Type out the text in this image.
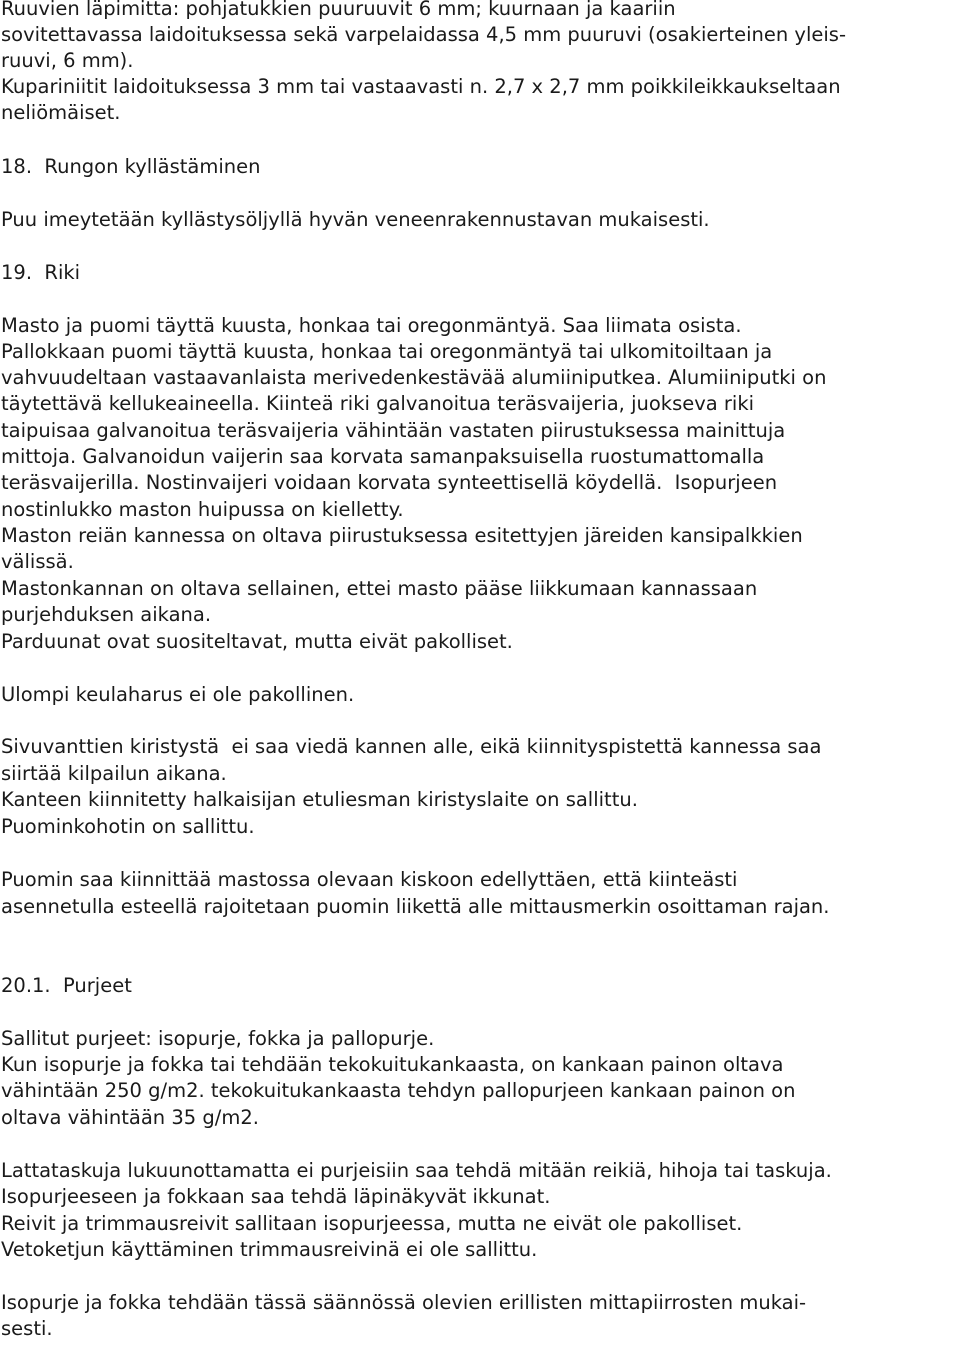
Ruuvien läpimitta: pohjatukkien puuruuvit 6 mm; kuurnaan ja kaariin
sovitettavassa laidoituksessa sekä varpelaidassa 4,5 mm puuruvi (osakierteinen yleis-
ruuvi, 6 mm).
Kupariniitit laidoituksessa 3 mm tai vastaavasti n. 2,7 x 2,7 mm poikkileikkaukseltaan
neliömäiset.
18.  Rungon kyllästäminen
Puu imeytetään kyllästysöljyllä hyvän veneenrakennustavan mukaisesti.
19.  Riki
Masto ja puomi täyttä kuusta, honkaa tai oregonmäntyä. Saa liimata osista.
Pallokkaan puomi täyttä kuusta, honkaa tai oregonmäntyä tai ulkomitoiltaan ja
vahvuudeltaan vastaavanlaista merivedenkestävää alumiiniputkea. Alumiiniputki on
täytettävä kellukeaineella. Kiinteä riki galvanoitua teräsvaijeria, juokseva riki
taipuisaa galvanoitua teräsvaijeria vähintään vastaten piirustuksessa mainittuja
mittoja. Galvanoidun vaijerin saa korvata samanpaksuisella ruostumattomalla
teräsvaijerilla. Nostinvaijeri voidaan korvata synteettisellä köydellä.  Isopurjeen
nostinlukko maston huipussa on kielletty.
Maston reiän kannessa on oltava piirustuksessa esitettyjen järeiden kansipalkkien
välissä.
Mastonkannan on oltava sellainen, ettei masto pääse liikkumaan kannassaan
purjehduksen aikana.
Parduunat ovat suositeltavat, mutta eivät pakolliset.
Ulompi keulaharus ei ole pakollinen.
Sivuvanttien kiristystä  ei saa viedä kannen alle, eikä kiinnityspistettä kannessa saa
siirtää kilpailun aikana.
Kanteen kiinnitetty halkaisijan etuliesman kiristyslaite on sallittu.
Puominkohotin on sallittu.
Puomin saa kiinnittää mastossa olevaan kiskoon edellyttäen, että kiinteästi
asennetulla esteellä rajoitetaan puomin liikettä alle mittausmerkin osoittaman rajan.
20.1.  Purjeet
Sallitut purjeet: isopurje, fokka ja pallopurje.
Kun isopurje ja fokka tai tehdään tekokuitukankaasta, on kankaan painon oltava
vähintään 250 g/m2. tekokuitukankaasta tehdyn pallopurjeen kankaan painon on
oltava vähintään 35 g/m2.
Lattataskuja lukuunottamatta ei purjeisiin saa tehdä mitään reikiä, hihoja tai taskuja.
Isopurjeeseen ja fokkaan saa tehdä läpinäkyvät ikkunat.
Reivit ja trimmausreivit sallitaan isopurjeessa, mutta ne eivät ole pakolliset.
Vetoketjun käyttäminen trimmausreivinä ei ole sallittu.
Isopurje ja fokka tehdään tässä säännössä olevien erillisten mittapiirrosten mukai-
sesti.
